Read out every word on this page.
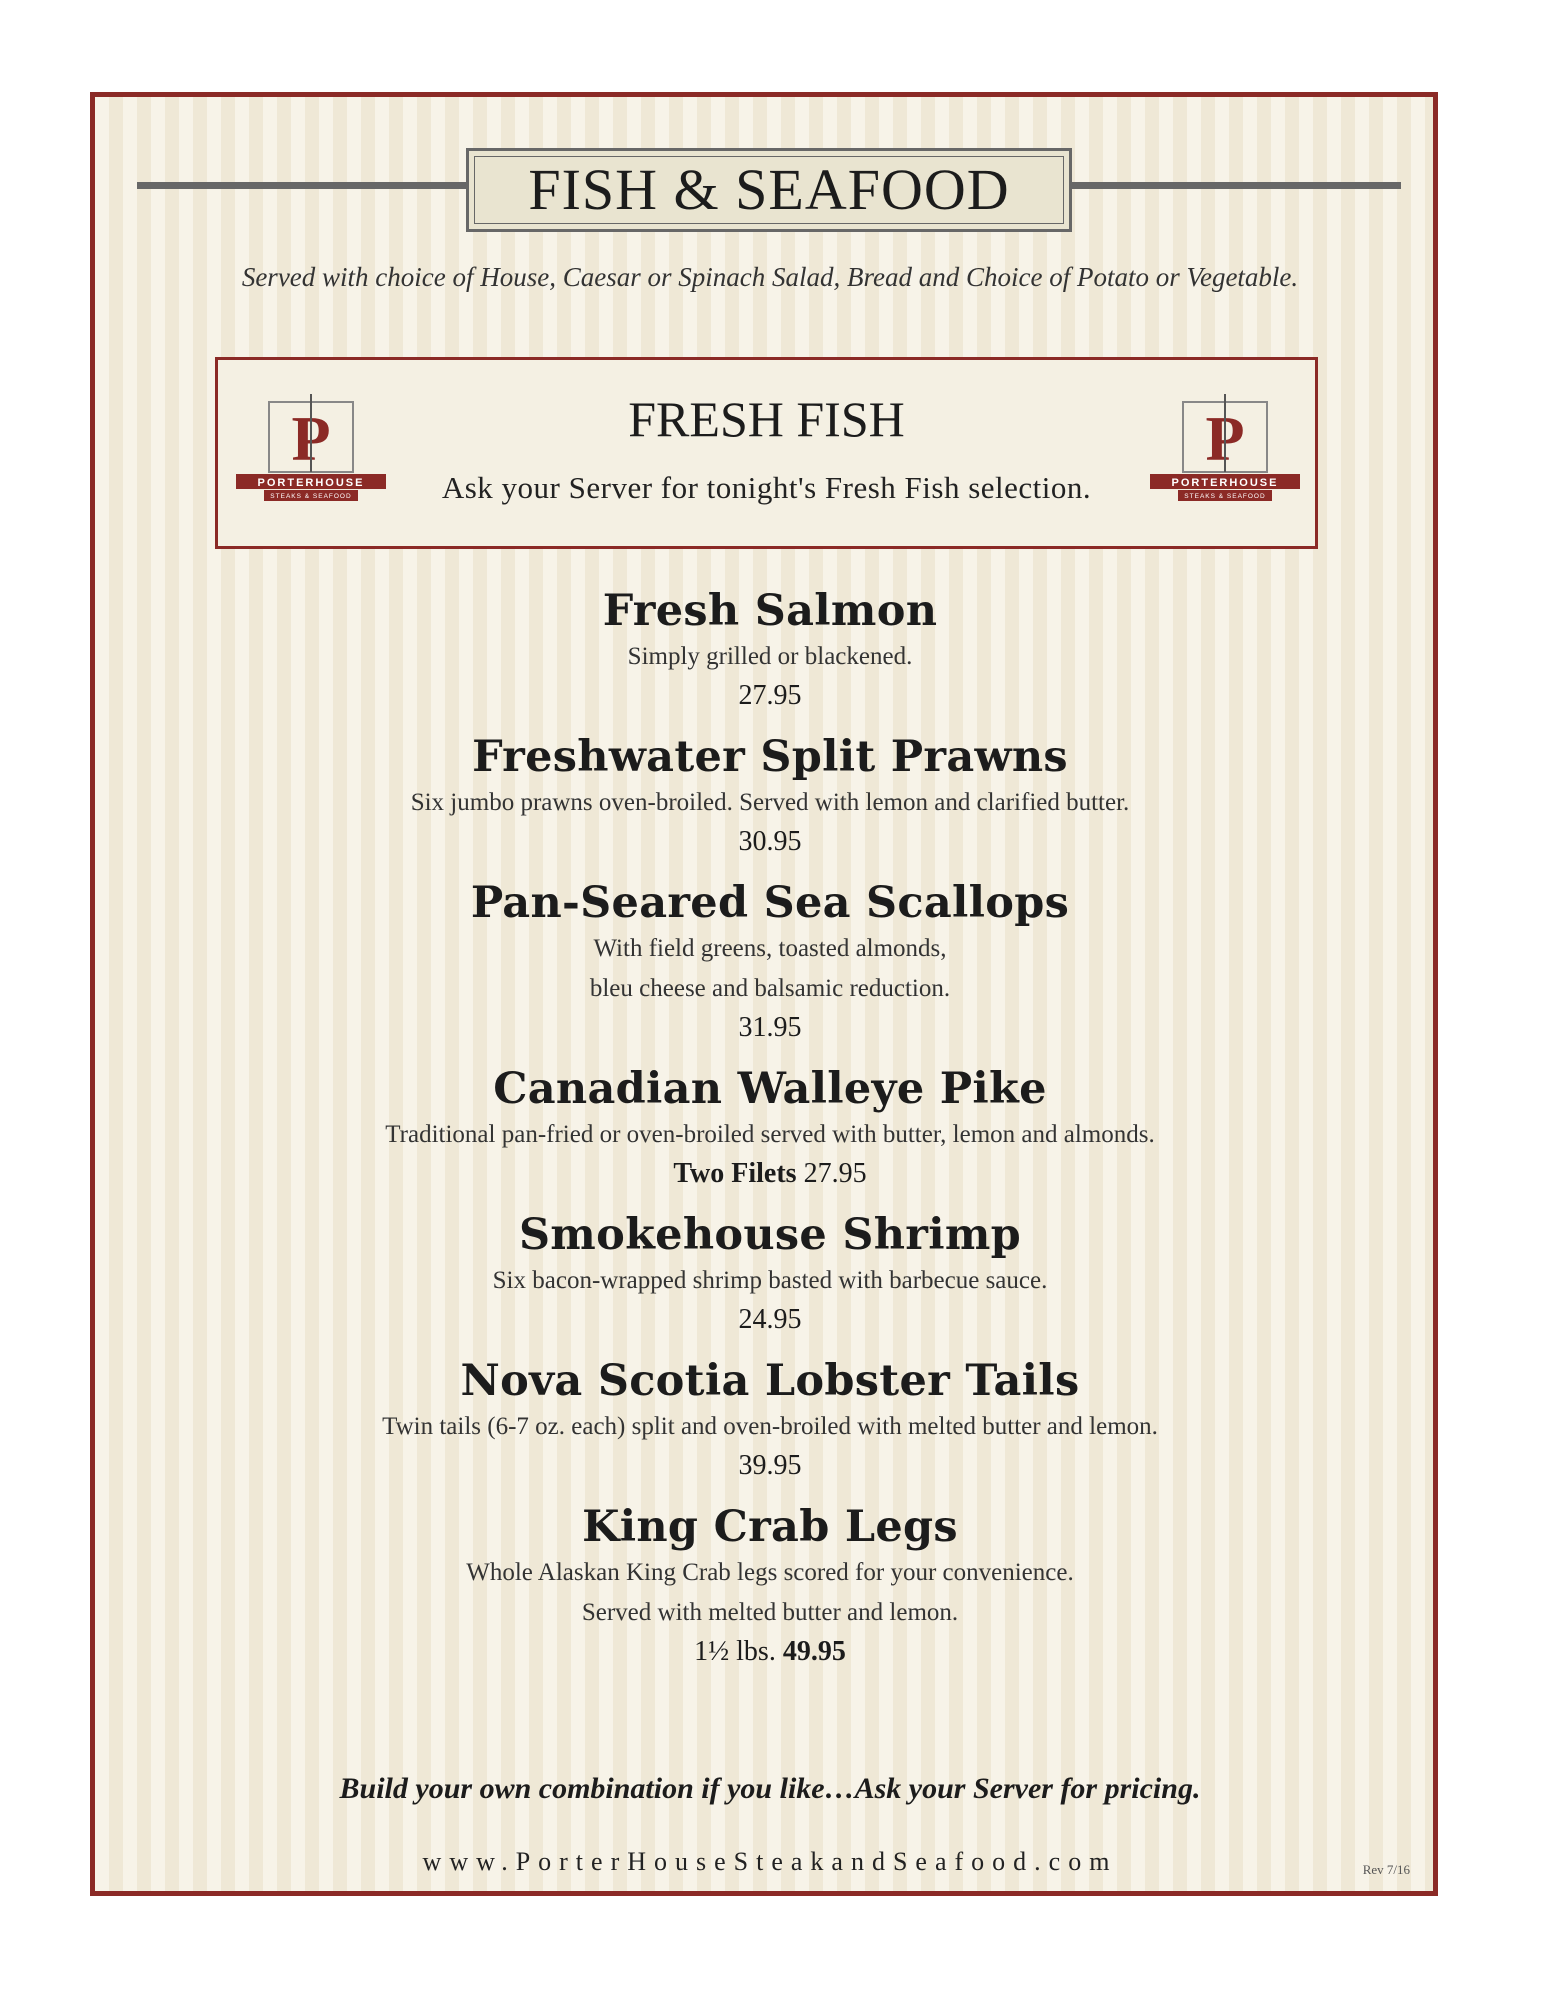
FISH & SEAFOOD
Served with choice of House, Caesar or Spinach Salad, Bread and Choice of Potato or Vegetable.
P
PORTERHOUSE
STEAKS & SEAFOOD
FRESH FISH
Ask your Server for tonight's Fresh Fish selection.
P
PORTERHOUSE
STEAKS & SEAFOOD
Fresh Salmon
Simply grilled or blackened.
27.95
Freshwater Split Prawns
Six jumbo prawns oven-broiled. Served with lemon and clarified butter.
30.95
Pan-Seared Sea Scallops
With field greens, toasted almonds,
bleu cheese and balsamic reduction.
31.95
Canadian Walleye Pike
Traditional pan-fried or oven-broiled served with butter, lemon and almonds.
Two Filets 27.95
Smokehouse Shrimp
Six bacon-wrapped shrimp basted with barbecue sauce.
24.95
Nova Scotia Lobster Tails
Twin tails (6-7 oz. each) split and oven-broiled with melted butter and lemon.
39.95
King Crab Legs
Whole Alaskan King Crab legs scored for your convenience.
Served with melted butter and lemon.
1½ lbs. 49.95
Build your own combination if you like…Ask your Server for pricing.
www.PorterHouseSteakandSeafood.com	Rev 7/16
